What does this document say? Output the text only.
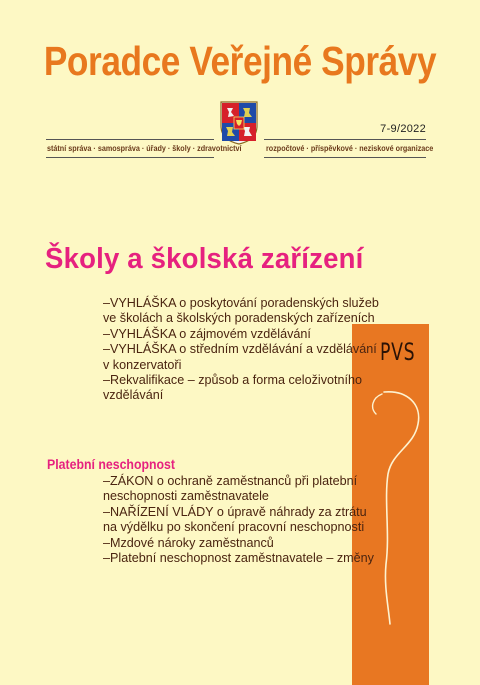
Poradce Veřejné Správy
7-9/2022
státní správa · samospráva · úřady · školy · zdravotnictví	rozpočtové · příspěvkové · neziskové organizace
Školy a školská zařízení
PVS
–VYHLÁŠKA o poskytování poradenských služeb
ve školách a školských poradenských zařízeních
–VYHLÁŠKA o zájmovém vzdělávání
–VYHLÁŠKA o středním vzdělávání a vzdělávání
v konzervatoři
–Rekvalifikace – způsob a forma celoživotního
vzdělávání
Platební neschopnost
–ZÁKON o ochraně zaměstnanců při platební
neschopnosti zaměstnavatele
–NAŘÍZENÍ VLÁDY o úpravě náhrady za ztrátu
na výdělku po skončení pracovní neschopnosti
–Mzdové nároky zaměstnanců
–Platební neschopnost zaměstnavatele – změny
